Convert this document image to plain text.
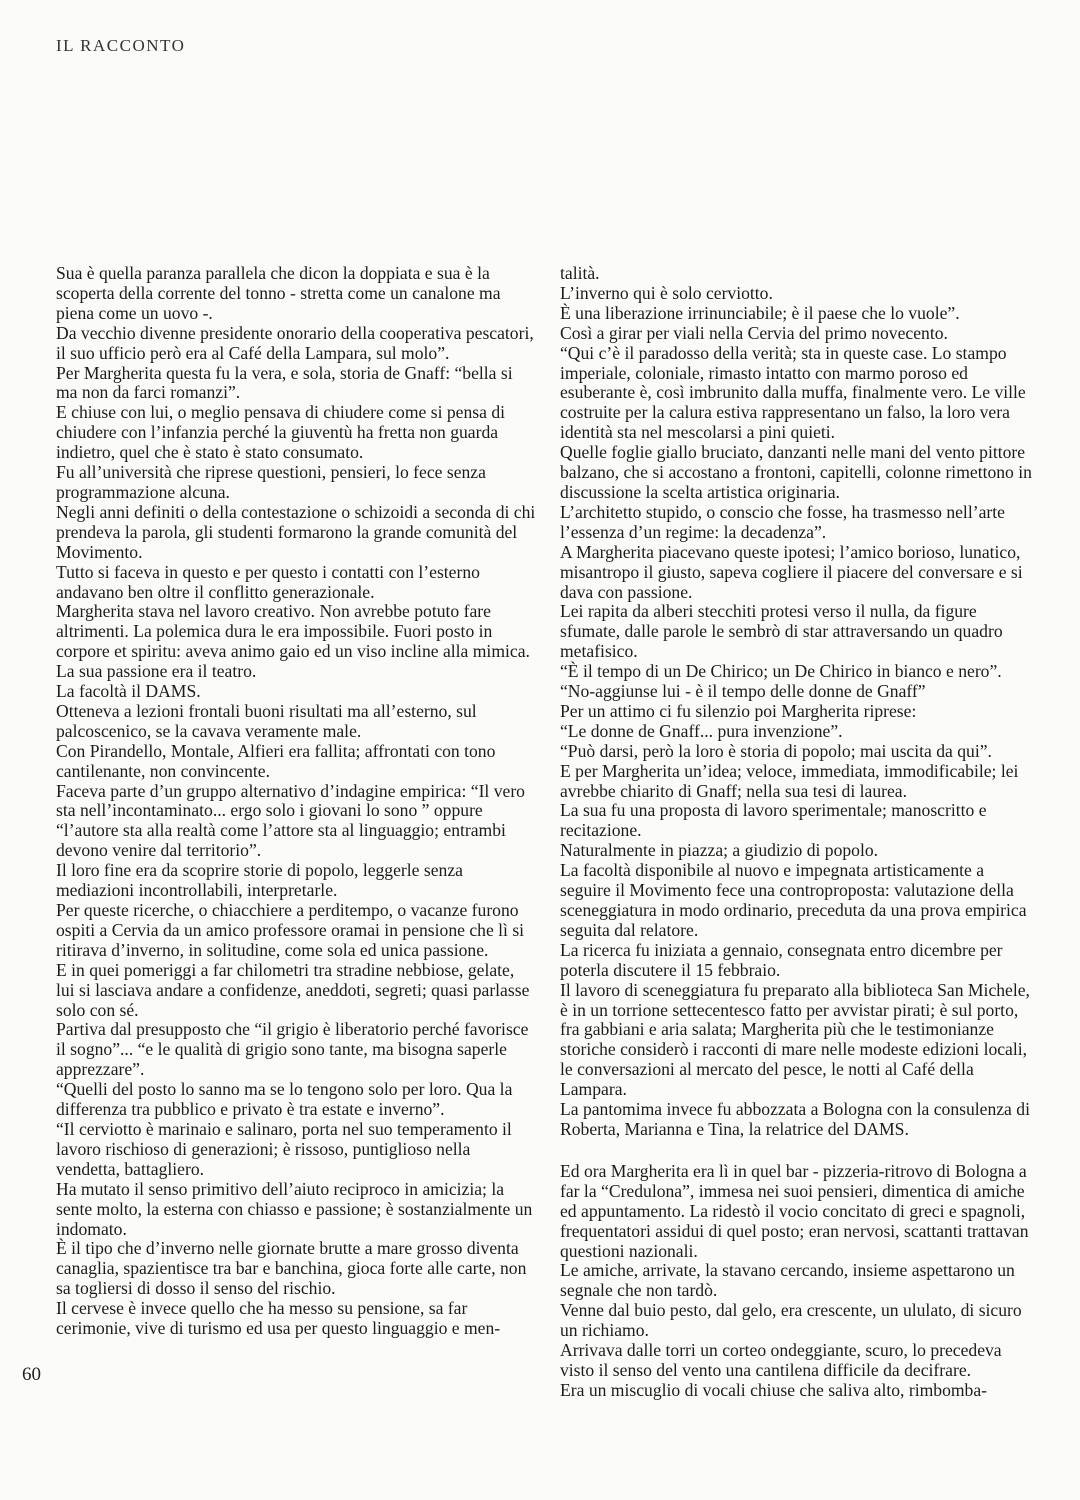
IL RACCONTO

Sua è quella paranza parallela che dicon la doppiata e sua è la scoperta della corrente del tonno - stretta come un canalone ma piena come un uovo -.

Da vecchio divenne presidente onorario della cooperativa pescatori, il suo ufficio però era al Café della Lampara, sul molo”.

Per Margherita questa fu la vera, e sola, storia de Gnaff: “bella si ma non da farci romanzi”.

E chiuse con lui, o meglio pensava di chiudere come si pensa di chiudere con l’infanzia perché la giuventù ha fretta non guarda indietro, quel che è stato è stato consumato.

Fu all’università che riprese questioni, pensieri, lo fece senza programmazione alcuna.

Negli anni definiti o della contestazione o schizoidi a seconda di chi prendeva la parola, gli studenti formarono la grande comunità del Movimento.

Tutto si faceva in questo e per questo i contatti con l’esterno andavano ben oltre il conflitto generazionale.

Margherita stava nel lavoro creativo. Non avrebbe potuto fare altrimenti. La polemica dura le era impossibile. Fuori posto in corpore et spiritu: aveva animo gaio ed un viso incline alla mimica.

La sua passione era il teatro.

La facoltà il DAMS.

Otteneva a lezioni frontali buoni risultati ma all’esterno, sul palcoscenico, se la cavava veramente male.

Con Pirandello, Montale, Alfieri era fallita; affrontati con tono cantilenante, non convincente.

Faceva parte d’un gruppo alternativo d’indagine empirica: “Il vero sta nell’incontaminato... ergo solo i giovani lo sono ” oppure “l’autore sta alla realtà come l’attore sta al linguaggio; entrambi devono venire dal territorio”.

Il loro fine era da scoprire storie di popolo, leggerle senza mediazioni incontrollabili, interpretarle.

Per queste ricerche, o chiacchiere a perditempo, o vacanze furono ospiti a Cervia da un amico professore oramai in pensione che lì si ritirava d’inverno, in solitudine, come sola ed unica passione.

E in quei pomeriggi a far chilometri tra stradine nebbiose, gelate, lui si lasciava andare a confidenze, aneddoti, segreti; quasi parlasse solo con sé.

Partiva dal presupposto che “il grigio è liberatorio perché favorisce il sogno”... “e le qualità di grigio sono tante, ma bisogna saperle apprezzare”.

“Quelli del posto lo sanno ma se lo tengono solo per loro. Qua la differenza tra pubblico e privato è tra estate e inverno”.

“Il cerviotto è marinaio e salinaro, porta nel suo temperamento il lavoro rischioso di generazioni; è rissoso, puntiglioso nella vendetta, battagliero.

Ha mutato il senso primitivo dell’aiuto reciproco in amicizia; la sente molto, la esterna con chiasso e passione; è sostanzialmente un indomato.

È il tipo che d’inverno nelle giornate brutte a mare grosso diventa canaglia, spazientisce tra bar e banchina, gioca forte alle carte, non sa togliersi di dosso il senso del rischio.

Il cervese è invece quello che ha messo su pensione, sa far cerimonie, vive di turismo ed usa per questo linguaggio e men-

talità.

L’inverno qui è solo cerviotto.

È una liberazione irrinunciabile; è il paese che lo vuole”.

Così a girar per viali nella Cervia del primo novecento.

“Qui c’è il paradosso della verità; sta in queste case. Lo stampo imperiale, coloniale, rimasto intatto con marmo poroso ed esuberante è, così imbrunito dalla muffa, finalmente vero. Le ville costruite per la calura estiva rappresentano un falso, la loro vera identità sta nel mescolarsi a pini quieti.

Quelle foglie giallo bruciato, danzanti nelle mani del vento pittore balzano, che si accostano a frontoni, capitelli, colonne rimettono in discussione la scelta artistica originaria.

L’architetto stupido, o conscio che fosse, ha trasmesso nell’arte l’essenza d’un regime: la decadenza”.

A Margherita piacevano queste ipotesi; l’amico borioso, lunatico, misantropo il giusto, sapeva cogliere il piacere del conversare e si dava con passione.

Lei rapita da alberi stecchiti protesi verso il nulla, da figure sfumate, dalle parole le sembrò di star attraversando un quadro metafisico.

“È il tempo di un De Chirico; un De Chirico in bianco e nero”.

“No-aggiunse lui - è il tempo delle donne de Gnaff”

Per un attimo ci fu silenzio poi Margherita riprese:

“Le donne de Gnaff... pura invenzione”.

“Può darsi, però la loro è storia di popolo; mai uscita da qui”.

E per Margherita un’idea; veloce, immediata, immodificabile; lei avrebbe chiarito di Gnaff; nella sua tesi di laurea.

La sua fu una proposta di lavoro sperimentale; manoscritto e recitazione.

Naturalmente in piazza; a giudizio di popolo.

La facoltà disponibile al nuovo e impegnata artisticamente a seguire il Movimento fece una controproposta: valutazione della sceneggiatura in modo ordinario, preceduta da una prova empirica seguita dal relatore.

La ricerca fu iniziata a gennaio, consegnata entro dicembre per poterla discutere il 15 febbraio.

Il lavoro di sceneggiatura fu preparato alla biblioteca San Michele, è in un torrione settecentesco fatto per avvistar pirati; è sul porto, fra gabbiani e aria salata; Margherita più che le testimonianze storiche considerò i racconti di mare nelle modeste edizioni locali, le conversazioni al mercato del pesce, le notti al Café della Lampara.

La pantomima invece fu abbozzata a Bologna con la consulenza di Roberta, Marianna e Tina, la relatrice del DAMS.

Ed ora Margherita era lì in quel bar - pizzeria-ritrovo di Bologna a far la “Credulona”, immesa nei suoi pensieri, dimentica di amiche ed appuntamento. La ridestò il vocio concitato di greci e spagnoli, frequentatori assidui di quel posto; eran nervosi, scattanti trattavan questioni nazionali.

Le amiche, arrivate, la stavano cercando, insieme aspettarono un segnale che non tardò.

Venne dal buio pesto, dal gelo, era crescente, un ululato, di sicuro un richiamo.

Arrivava dalle torri un corteo ondeggiante, scuro, lo precedeva visto il senso del vento una cantilena difficile da decifrare.

Era un miscuglio di vocali chiuse che saliva alto, rimbomba-

60
